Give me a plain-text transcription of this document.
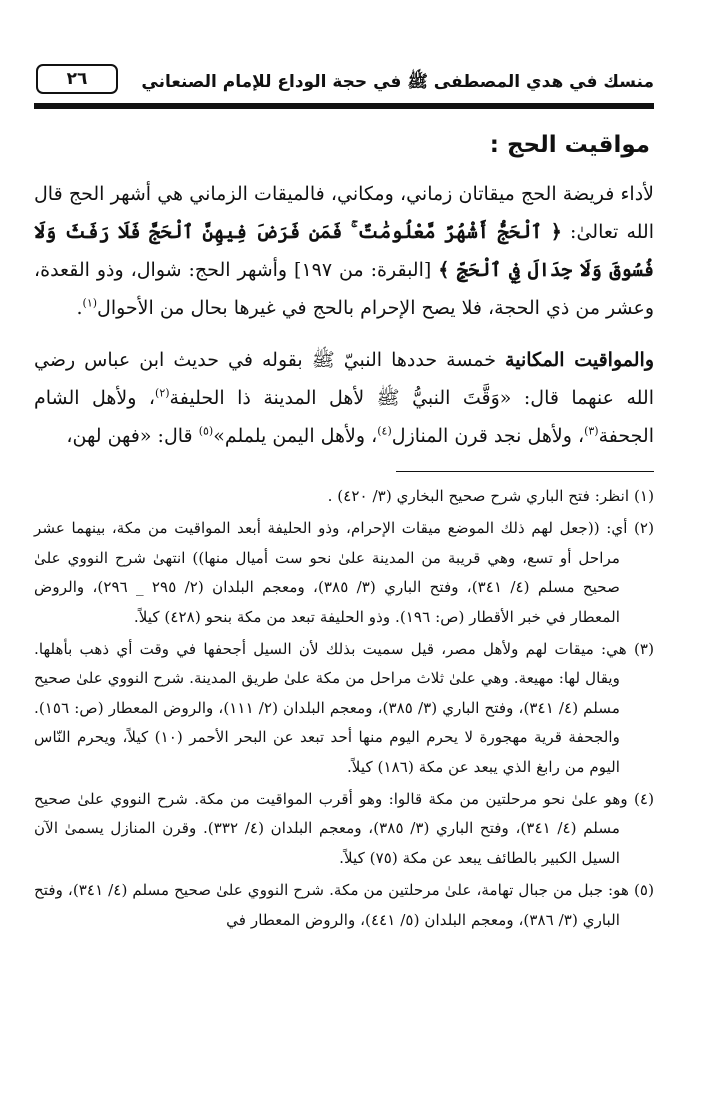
منسك في هدي المصطفى ﷺ في حجة الوداع للإمام الصنعاني
٢٦
مواقيت الحج :

لأداء فريضة الحج ميقاتان زماني، ومكاني، فالميقات الزماني هي أشهر الحج قال الله تعالىٰ: ﴿ ٱلْحَجُّ أَشْهُرٌ مَّعْلُومَٰتٌ ۚ فَمَن فَرَضَ فِيهِنَّ ٱلْحَجَّ فَلَا رَفَثَ وَلَا فُسُوقَ وَلَا جِدَالَ فِي ٱلْحَجِّ ﴾ [البقرة: من ١٩٧] وأشهر الحج: شوال، وذو القعدة، وعشر من ذي الحجة، فلا يصح الإحرام بالحج في غيرها بحال من الأحوال$^{(١)}$.

والمواقيت المكانية خمسة حددها النبيّ ﷺ بقوله في حديث ابن عباس رضي الله عنهما قال: «وَقَّتَ النبيُّ ﷺ لأهل المدينة ذا الحليفة$^{(٢)}$، ولأهل الشام الجحفة$^{(٣)}$، ولأهل نجد قرن المنازل$^{(٤)}$، ولأهل اليمن يلملم»$^{(٥)}$ قال: «فهن لهن،

(١) انظر: فتح الباري شرح صحيح البخاري (٣/ ٤٢٠) .

(٢) أي: ((جعل لهم ذلك الموضع ميقات الإحرام، وذو الحليفة أبعد المواقيت من مكة، بينهما عشر مراحل أو تسع، وهي قريبة من المدينة علىٰ نحو ست أميال منها)) انتهىٰ شرح النووي علىٰ صحيح مسلم (٤/ ٣٤١)، وفتح الباري (٣/ ٣٨٥)، ومعجم البلدان (٢/ ٢٩٥ _ ٢٩٦)، والروض المعطار في خبر الأقطار (ص: ١٩٦). وذو الحليفة تبعد من مكة بنحو (٤٢٨) كيلاً.

(٣) هي: ميقات لهم ولأهل مصر، قيل سميت بذلك لأن السيل أجحفها في وقت أي ذهب بأهلها. ويقال لها: مهيعة. وهي علىٰ ثلاث مراحل من مكة علىٰ طريق المدينة. شرح النووي علىٰ صحيح مسلم (٤/ ٣٤١)، وفتح الباري (٣/ ٣٨٥)، ومعجم البلدان (٢/ ١١١)، والروض المعطار (ص: ١٥٦). والجحفة قرية مهجورة لا يحرم اليوم منها أحد تبعد عن البحر الأحمر (١٠) كيلاً، ويحرم النّاس اليوم من رابغ الذي يبعد عن مكة (١٨٦) كيلاً.

(٤) وهو علىٰ نحو مرحلتين من مكة قالوا: وهو أقرب المواقيت من مكة. شرح النووي علىٰ صحيح مسلم (٤/ ٣٤١)، وفتح الباري (٣/ ٣٨٥)، ومعجم البلدان (٤/ ٣٣٢). وقرن المنازل يسمىٰ الآن السيل الكبير بالطائف يبعد عن مكة (٧٥) كيلاً.

(٥) هو: جبل من جبال تهامة، علىٰ مرحلتين من مكة. شرح النووي علىٰ صحيح مسلم (٤/ ٣٤١)، وفتح الباري (٣/ ٣٨٦)، ومعجم البلدان (٥/ ٤٤١)، والروض المعطار في
